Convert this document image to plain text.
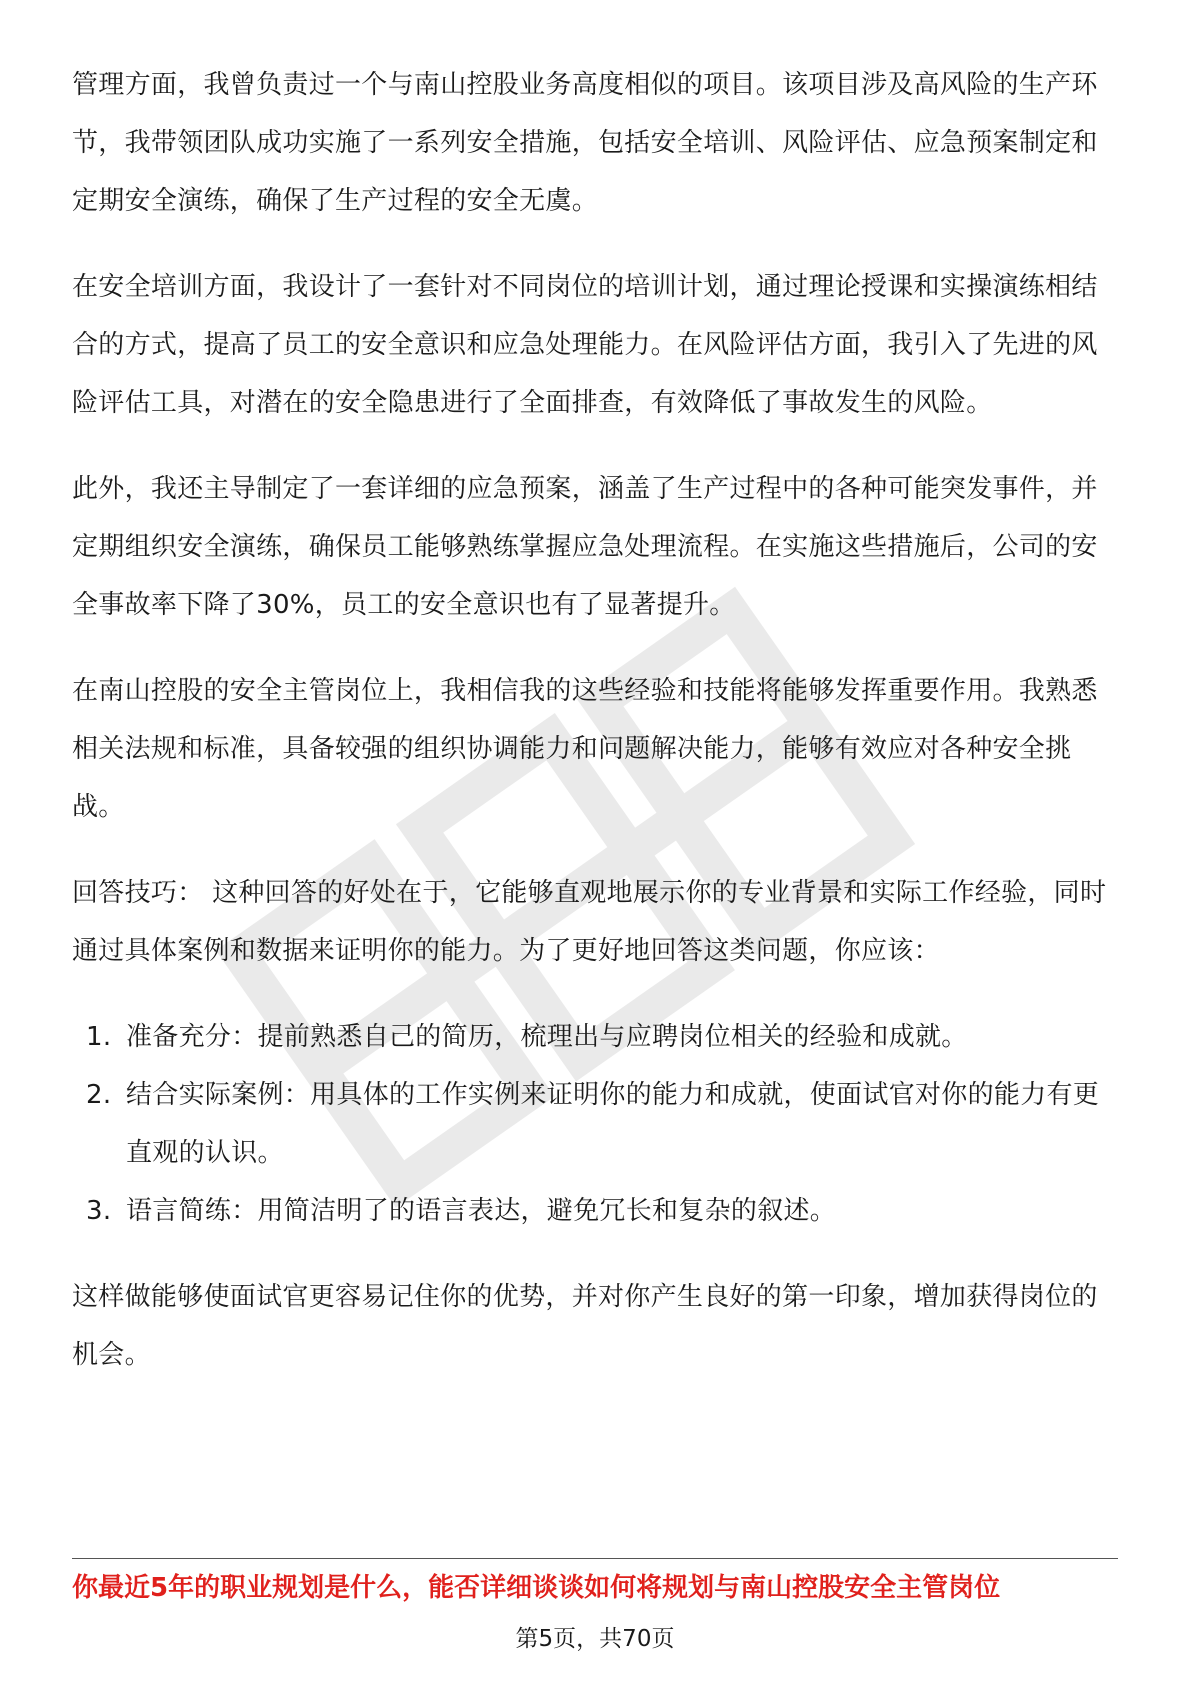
管理方面，我曾负责过一个与南山控股业务高度相似的项目。该项目涉及高风险的生产环节，我带领团队成功实施了一系列安全措施，包括安全培训、风险评估、应急预案制定和定期安全演练，确保了生产过程的安全无虞。

在安全培训方面，我设计了一套针对不同岗位的培训计划，通过理论授课和实操演练相结合的方式，提高了员工的安全意识和应急处理能力。在风险评估方面，我引入了先进的风险评估工具，对潜在的安全隐患进行了全面排查，有效降低了事故发生的风险。

此外，我还主导制定了一套详细的应急预案，涵盖了生产过程中的各种可能突发事件，并定期组织安全演练，确保员工能够熟练掌握应急处理流程。在实施这些措施后，公司的安全事故率下降了30%，员工的安全意识也有了显著提升。

在南山控股的安全主管岗位上，我相信我的这些经验和技能将能够发挥重要作用。我熟悉相关法规和标准，具备较强的组织协调能力和问题解决能力，能够有效应对各种安全挑战。

回答技巧： 这种回答的好处在于，它能够直观地展示你的专业背景和实际工作经验，同时通过具体案例和数据来证明你的能力。为了更好地回答这类问题，你应该：

1. 准备充分：提前熟悉自己的简历，梳理出与应聘岗位相关的经验和成就。
2. 结合实际案例：用具体的工作实例来证明你的能力和成就，使面试官对你的能力有更直观的认识。
3. 语言简练：用简洁明了的语言表达，避免冗长和复杂的叙述。

这样做能够使面试官更容易记住你的优势，并对你产生良好的第一印象，增加获得岗位的机会。

你最近5年的职业规划是什么，能否详细谈谈如何将规划与南山控股安全主管岗位
第5页，共70页
